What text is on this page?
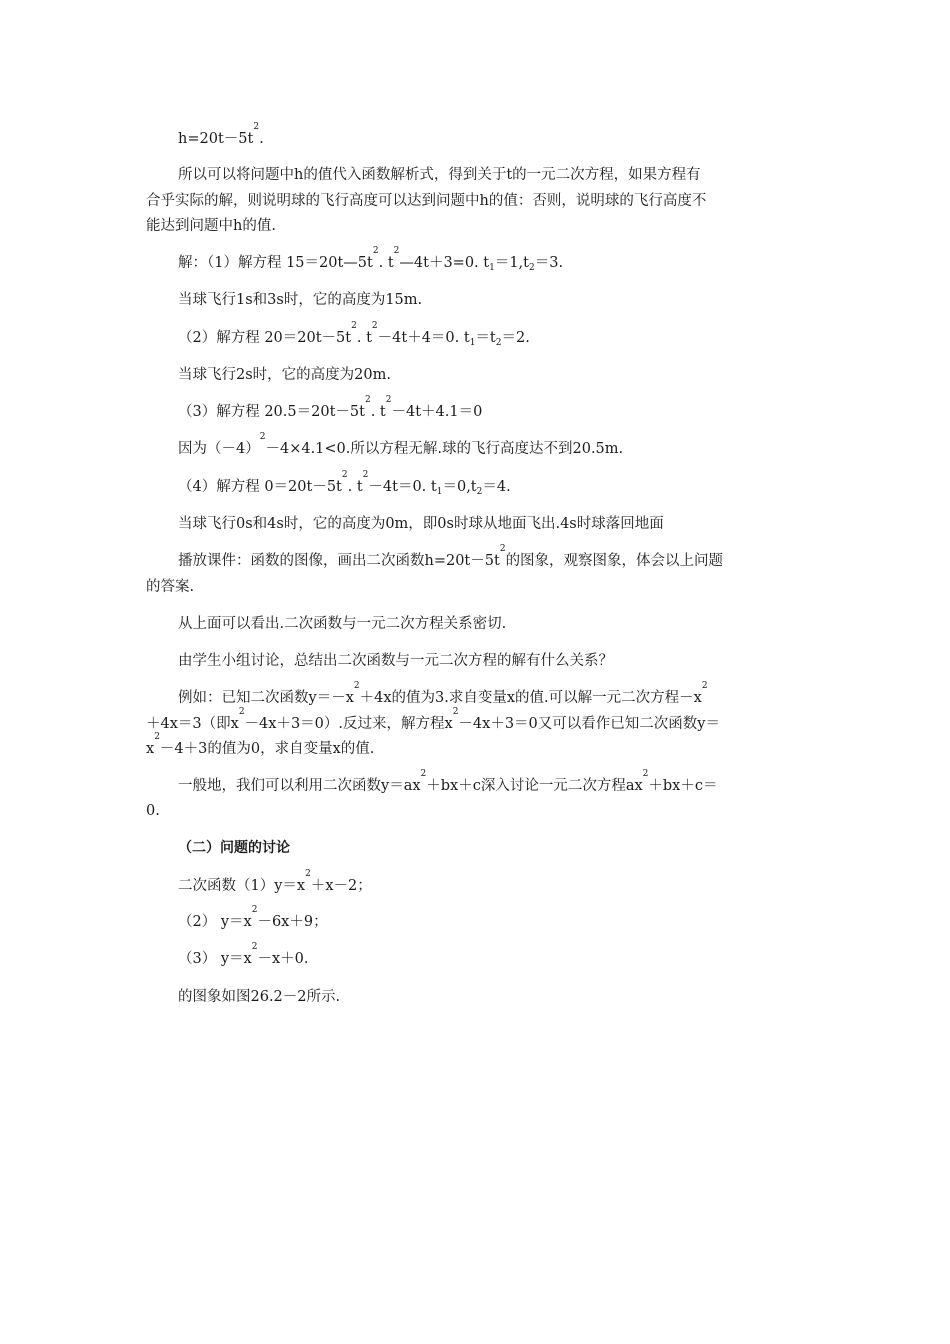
$h=20t-5t^2$.
所以可以将问题中h的值代入函数解析式，得到关于t的一元二次方程，如果方程有
合乎实际的解，则说明球的飞行高度可以达到问题中h的值：否则，说明球的飞行高度不
能达到问题中h的值.
解：（1）解方程 $15=20t—5t^2$. $t^2—4t+3=0$. $t_1=1,t_2=3$.
当球飞行1s和3s时，它的高度为15m.
（2）解方程 $20=20t-5t^2$. $t^2-4t+4=0$. $t_1=t_2=2$.
当球飞行2s时，它的高度为20m.
（3）解方程 $20.5=20t-5t^2$. $t^2-4t+4.1=0$
因为$(-4)^2-4\times 4.1<0$.所以方程无解.球的飞行高度达不到20.5m.
（4）解方程 $0=20t-5t^2$. $t^2-4t=0$. $t_1=0,t_2=4$.
当球飞行0s和4s时，它的高度为0m，即0s时球从地面飞出.4s时球落回地面
播放课件：函数的图像，画出二次函数$h=20t-5t^2$的图象，观察图象，体会以上问题
的答案.
从上面可以看出.二次函数与一元二次方程关系密切.
由学生小组讨论，总结出二次函数与一元二次方程的解有什么关系？
例如：已知二次函数$y=-x^2+4x$的值为3.求自变量x的值.可以解一元二次方程$-x^2$
＋4x＝3（即$x^2-4x+3=0$）.反过来，解方程$x^2-4x+3=0$又可以看作已知二次函数y＝
$x^2-4+3$的值为0，求自变量x的值.
一般地，我们可以利用二次函数$y=ax^2+bx+c$深入讨论一元二次方程$ax^2+bx+c=$
0.
（二）问题的讨论
二次函数$(1)y=x^2+x-2$；
（2） $y=x^2-6x+9$；
（3） $y=x^2-x+0$.
的图象如图26.2－2所示.
